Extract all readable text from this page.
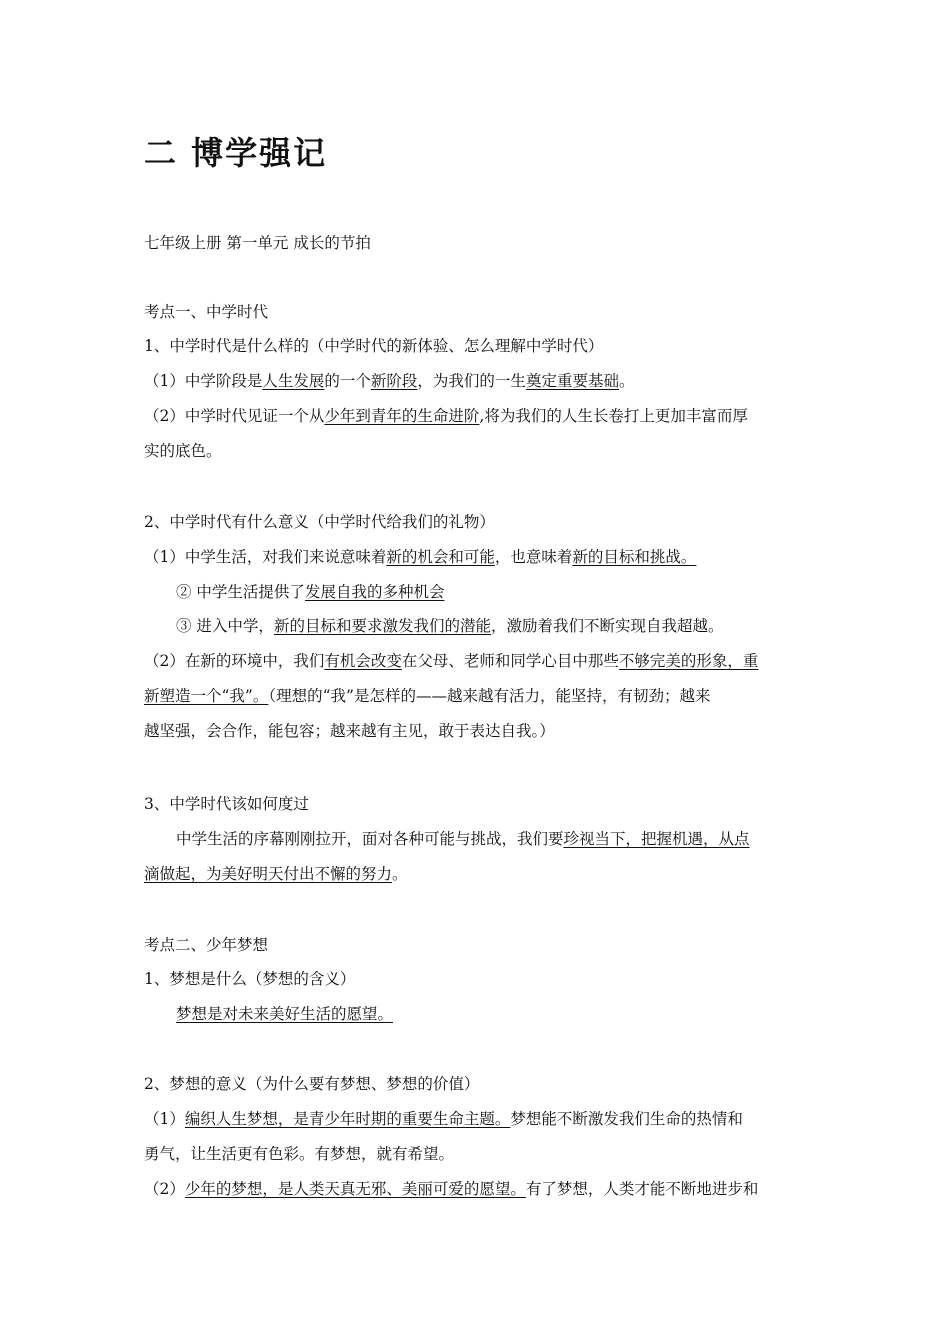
二 博学强记
七年级上册 第一单元 成长的节拍
考点一、中学时代
1、中学时代是什么样的（中学时代的新体验、怎么理解中学时代）
（1）中学阶段是人生发展的一个新阶段，为我们的一生奠定重要基础。
（2）中学时代见证一个从少年到青年的生命进阶,将为我们的人生长卷打上更加丰富而厚
实的底色。
2、中学时代有什么意义（中学时代给我们的礼物）
（1）中学生活，对我们来说意味着新的机会和可能，也意味着新的目标和挑战。
② 中学生活提供了发展自我的多种机会
③ 进入中学，新的目标和要求激发我们的潜能，激励着我们不断实现自我超越。
（2）在新的环境中，我们有机会改变在父母、老师和同学心目中那些不够完美的形象，重
新塑造一个“我”。（理想的“我”是怎样的——越来越有活力，能坚持，有韧劲；越来
越坚强，会合作，能包容；越来越有主见，敢于表达自我。）
3、中学时代该如何度过
中学生活的序幕刚刚拉开，面对各种可能与挑战，我们要珍视当下，把握机遇，从点
滴做起，为美好明天付出不懈的努力。
考点二、少年梦想
1、梦想是什么（梦想的含义）
梦想是对未来美好生活的愿望。
2、梦想的意义（为什么要有梦想、梦想的价值）
（1）编织人生梦想，是青少年时期的重要生命主题。梦想能不断激发我们生命的热情和
勇气，让生活更有色彩。有梦想，就有希望。
（2）少年的梦想，是人类天真无邪、美丽可爱的愿望。有了梦想，人类才能不断地进步和
